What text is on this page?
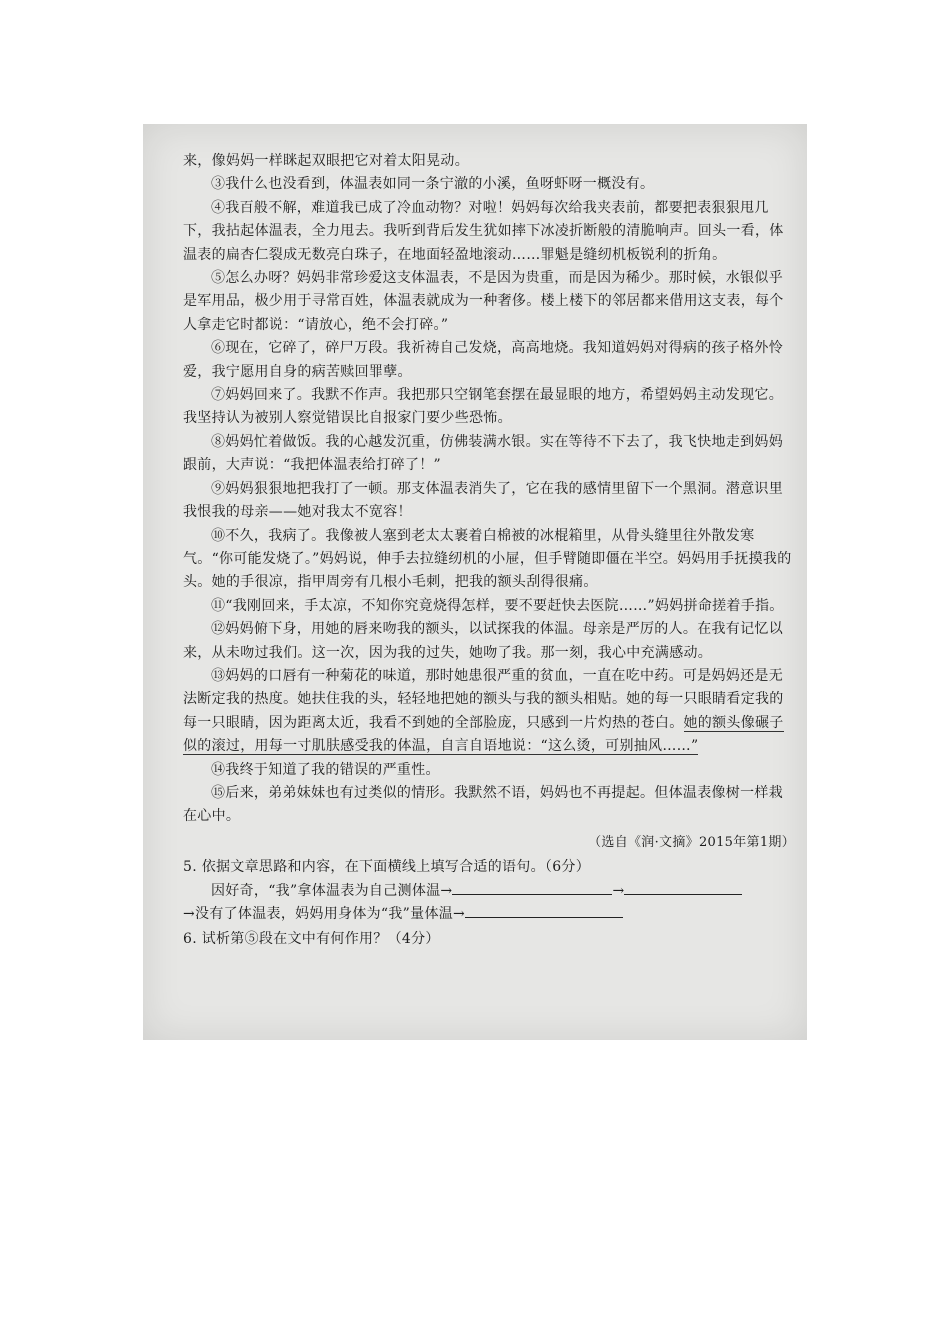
来，像妈妈一样眯起双眼把它对着太阳晃动。

③我什么也没看到，体温表如同一条宁澈的小溪，鱼呀虾呀一概没有。

④我百般不解，难道我已成了冷血动物？对啦！妈妈每次给我夹表前，都要把表狠狠甩几下，我拈起体温表，全力甩去。我听到背后发生犹如摔下冰凌折断般的清脆响声。回头一看，体温表的扁杏仁裂成无数亮白珠子，在地面轻盈地滚动……罪魁是缝纫机板锐利的折角。

⑤怎么办呀？妈妈非常珍爱这支体温表，不是因为贵重，而是因为稀少。那时候，水银似乎是军用品，极少用于寻常百姓，体温表就成为一种奢侈。楼上楼下的邻居都来借用这支表，每个人拿走它时都说：“请放心，绝不会打碎。”

⑥现在，它碎了，碎尸万段。我祈祷自己发烧，高高地烧。我知道妈妈对得病的孩子格外怜爱，我宁愿用自身的病苦赎回罪孽。

⑦妈妈回来了。我默不作声。我把那只空钢笔套摆在最显眼的地方，希望妈妈主动发现它。我坚持认为被别人察觉错误比自报家门要少些恐怖。

⑧妈妈忙着做饭。我的心越发沉重，仿佛装满水银。实在等待不下去了，我飞快地走到妈妈跟前，大声说：“我把体温表给打碎了！”

⑨妈妈狠狠地把我打了一顿。那支体温表消失了，它在我的感情里留下一个黑洞。潜意识里我恨我的母亲——她对我太不宽容！

⑩不久，我病了。我像被人塞到老太太裹着白棉被的冰棍箱里，从骨头缝里往外散发寒气。“你可能发烧了。”妈妈说，伸手去拉缝纫机的小屉，但手臂随即僵在半空。妈妈用手抚摸我的头。她的手很凉，指甲周旁有几根小毛刺，把我的额头刮得很痛。

⑪“我刚回来，手太凉，不知你究竟烧得怎样，要不要赶快去医院……”妈妈拼命搓着手指。

⑫妈妈俯下身，用她的唇来吻我的额头，以试探我的体温。母亲是严厉的人。在我有记忆以来，从未吻过我们。这一次，因为我的过失，她吻了我。那一刻，我心中充满感动。

⑬妈妈的口唇有一种菊花的味道，那时她患很严重的贫血，一直在吃中药。可是妈妈还是无法断定我的热度。她扶住我的头，轻轻地把她的额头与我的额头相贴。她的每一只眼睛看定我的每一只眼睛，因为距离太近，我看不到她的全部脸庞，只感到一片灼热的苍白。她的额头像碾子似的滚过，用每一寸肌肤感受我的体温，自言自语地说：“这么烫，可别抽风……”

⑭我终于知道了我的错误的严重性。

⑮后来，弟弟妹妹也有过类似的情形。我默然不语，妈妈也不再提起。但体温表像树一样栽在心中。

（选自《润·文摘》2015年第1期）

5. 依据文章思路和内容，在下面横线上填写合适的语句。（6分）

因好奇，“我”拿体温表为自己测体温→	→

→没有了体温表，妈妈用身体为“我”量体温→

6. 试析第⑤段在文中有何作用？（4分）
